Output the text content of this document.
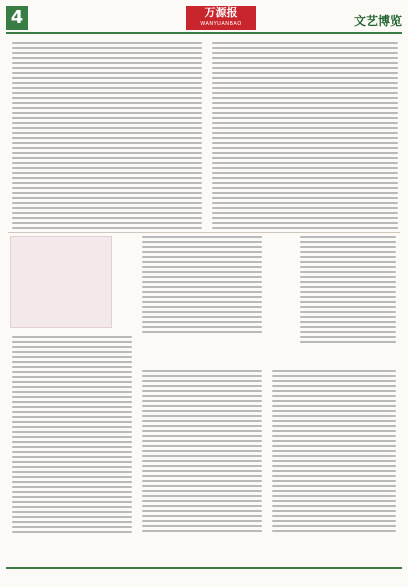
4	万源报
WANYUANBAO	文艺博览
